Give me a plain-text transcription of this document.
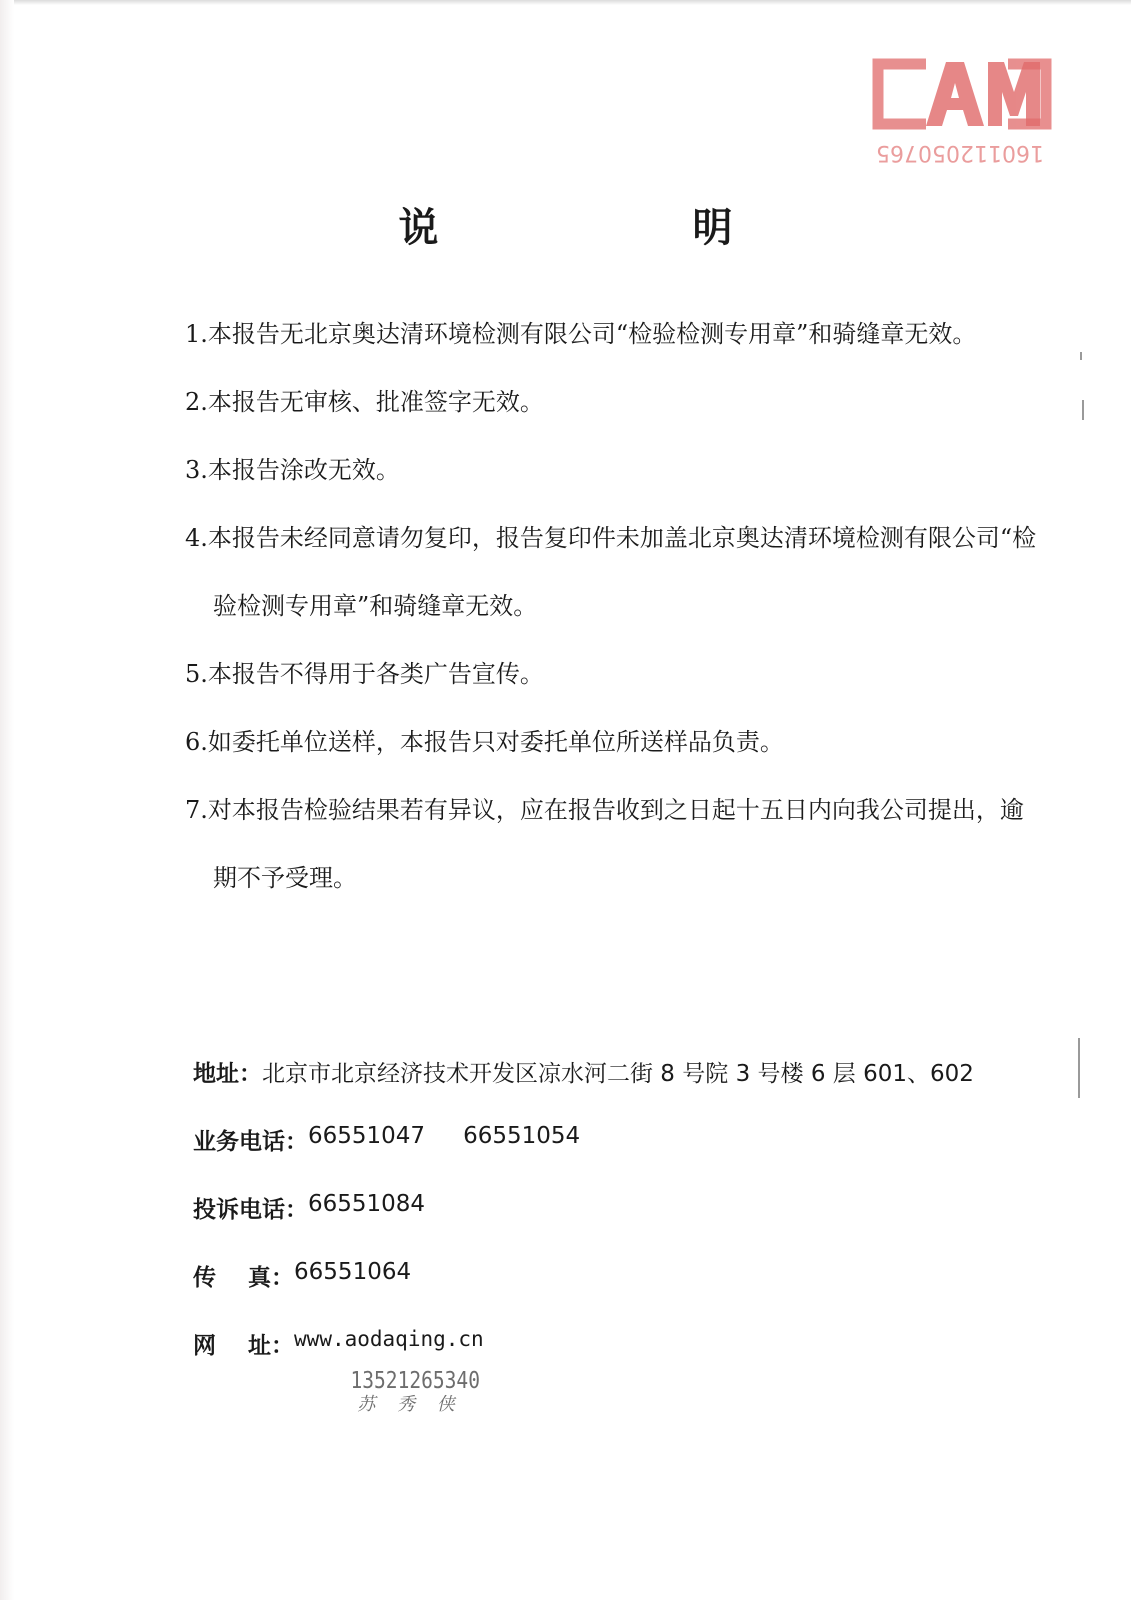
160112050765
说 明

1.本报告无北京奥达清环境检测有限公司“检验检测专用章”和骑缝章无效。

2.本报告无审核、批准签字无效。

3.本报告涂改无效。

4.本报告未经同意请勿复印，报告复印件未加盖北京奥达清环境检测有限公司“检验检测专用章”和骑缝章无效。

5.本报告不得用于各类广告宣传。

6.如委托单位送样，本报告只对委托单位所送样品负责。

7.对本报告检验结果若有异议，应在报告收到之日起十五日内向我公司提出，逾期不予受理。

地址： 北京市北京经济技术开发区凉水河二街 8 号院 3 号楼 6 层 601、602
业务电话： 66551047 66551054
投诉电话： 66551084
传    真： 66551064
网    址： www.aodaqing.cn
13521265340
苏 秀 侠
